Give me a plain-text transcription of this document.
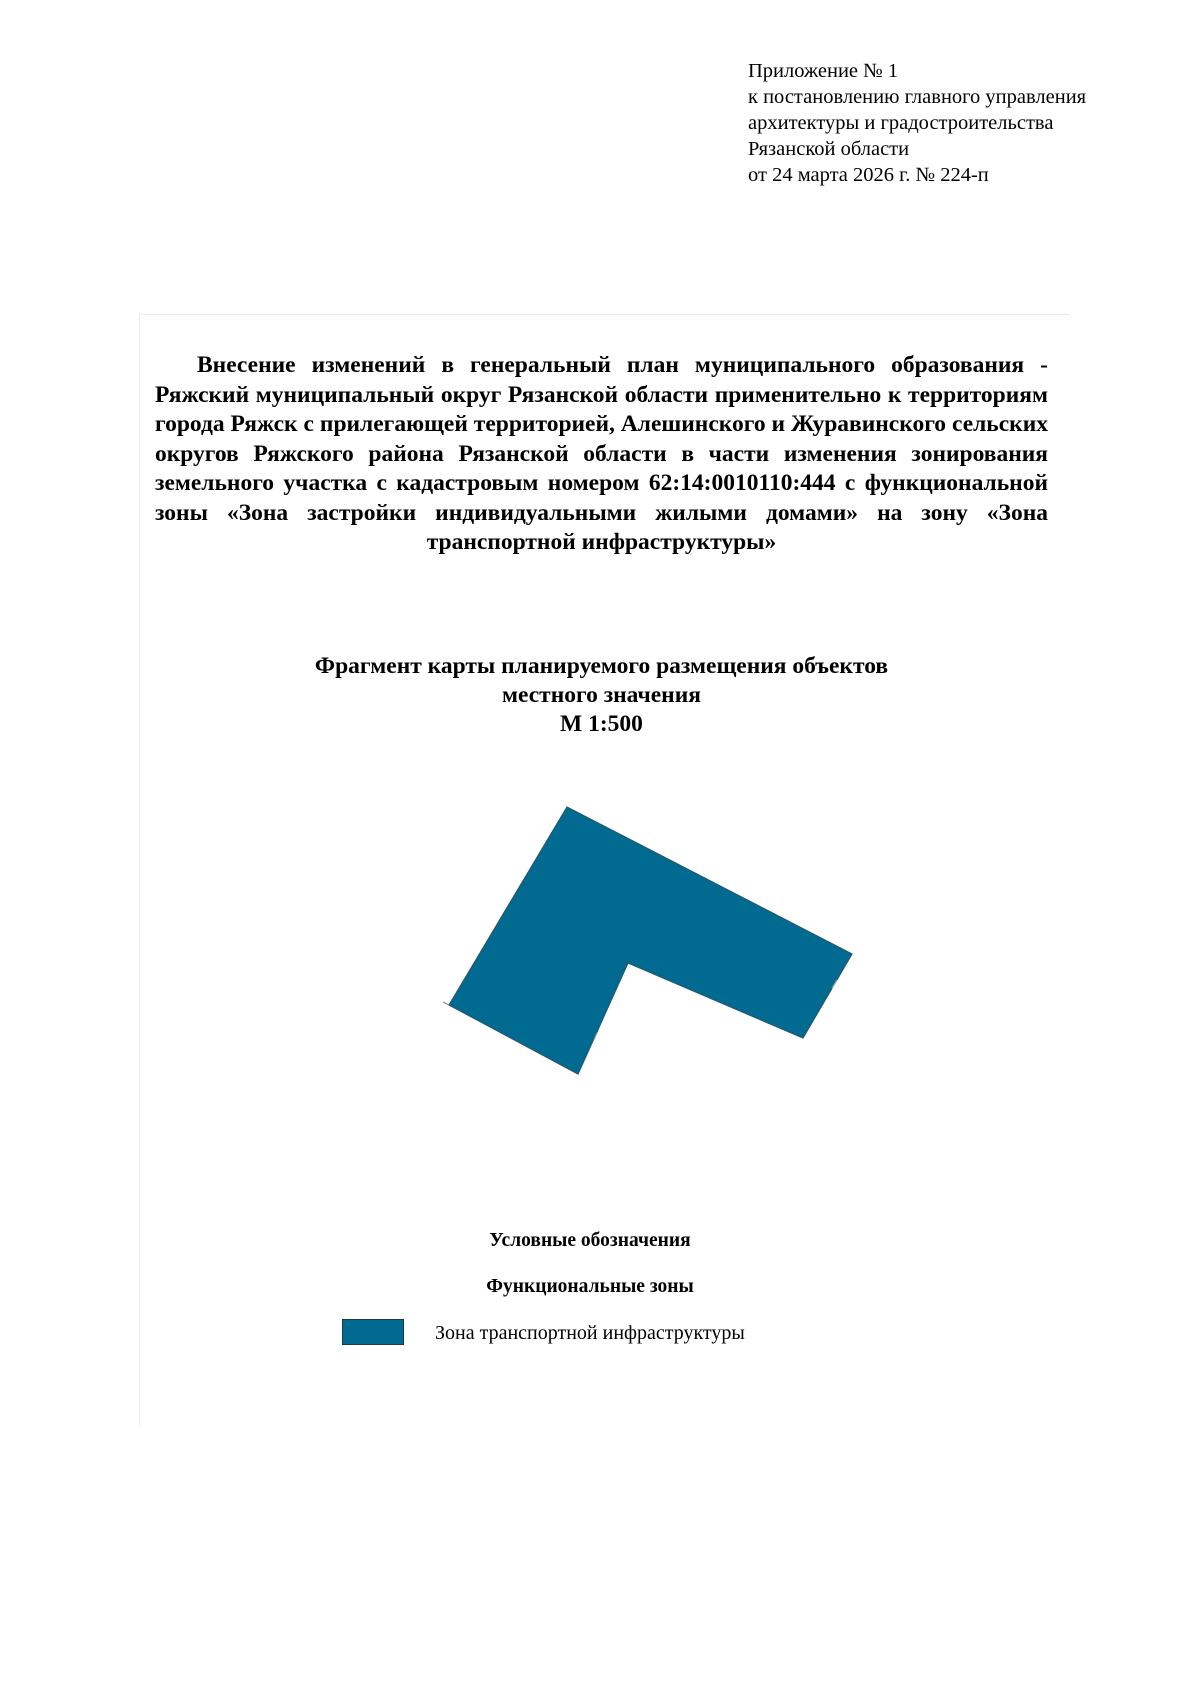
Приложение № 1
к постановлению главного управления
архитектуры и градостроительства
Рязанской области
от 24 марта 2026 г. № 224-п
Внесение изменений в генеральный план муниципального образования - Ряжский муниципальный округ Рязанской области применительно к территориям города Ряжск с прилегающей территорией, Алешинского и Журавинского сельских округов Ряжского района Рязанской области в части изменения зонирования земельного участка с кадастровым номером 62:14:0010110:444 с функциональной зоны «Зона застройки индивидуальными жилыми домами» на зону «Зона транспортной инфраструктуры»
Фрагмент карты планируемого размещения объектов
местного значения
М 1:500
Условные обозначения
Функциональные зоны
Зона транспортной инфраструктуры
